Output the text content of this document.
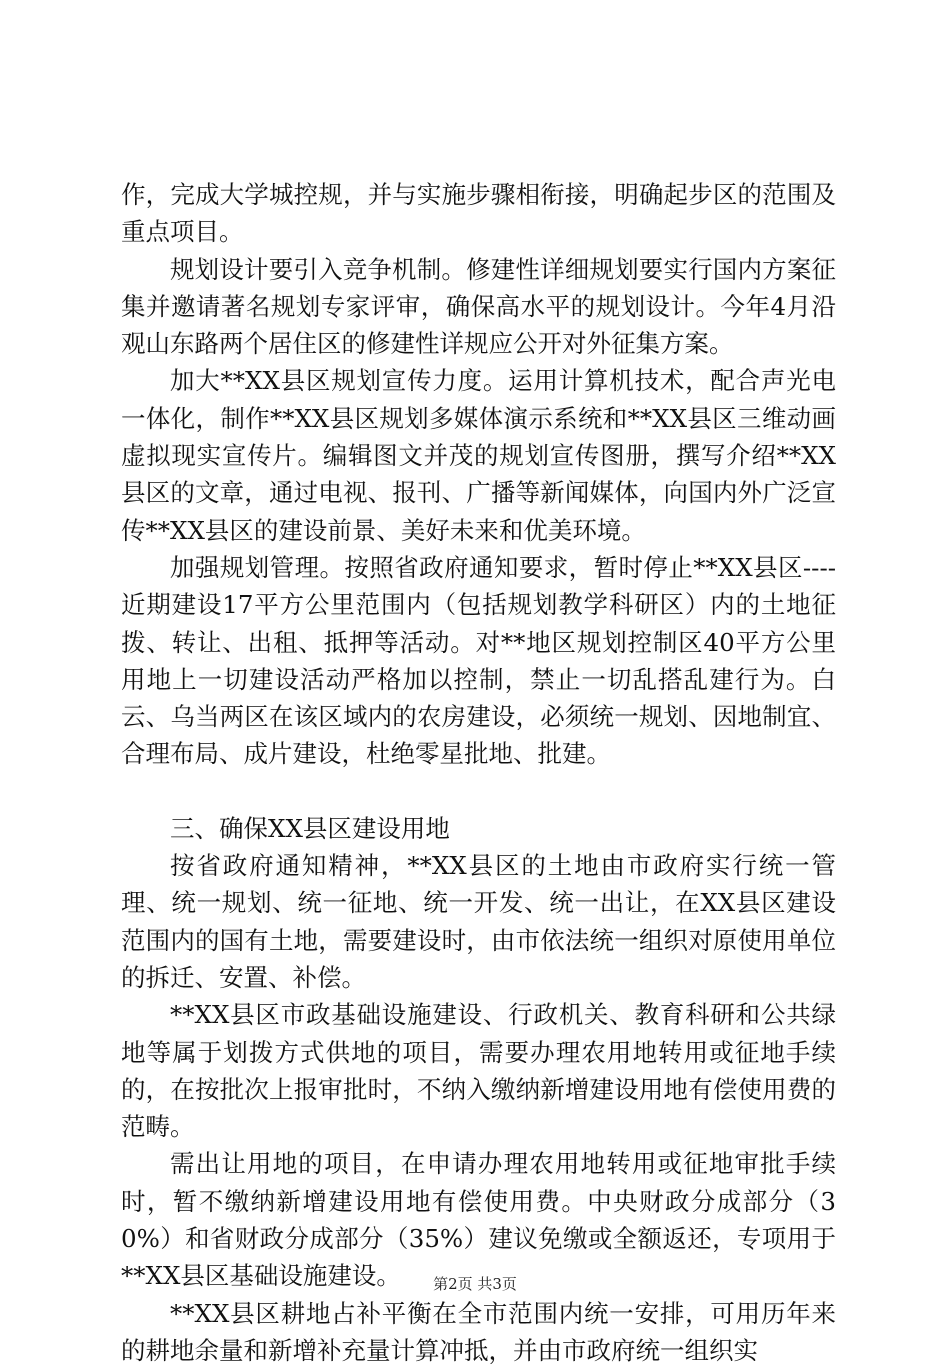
作，完成大学城控规，并与实施步骤相衔接，明确起步区的范围及重点项目。

规划设计要引入竞争机制。修建性详细规划要实行国内方案征集并邀请著名规划专家评审，确保高水平的规划设计。今年4月沿观山东路两个居住区的修建性详规应公开对外征集方案。

加大**XX县区规划宣传力度。运用计算机技术，配合声光电一体化，制作**XX县区规划多媒体演示系统和**XX县区三维动画虚拟现实宣传片。编辑图文并茂的规划宣传图册，撰写介绍**XX县区的文章，通过电视、报刊、广播等新闻媒体，向国内外广泛宣传**XX县区的建设前景、美好未来和优美环境。

加强规划管理。按照省政府通知要求，暂时停止**XX县区----近期建设17平方公里范围内（包括规划教学科研区）内的土地征拨、转让、出租、抵押等活动。对**地区规划控制区40平方公里用地上一切建设活动严格加以控制，禁止一切乱搭乱建行为。白云、乌当两区在该区域内的农房建设，必须统一规划、因地制宜、合理布局、成片建设，杜绝零星批地、批建。

三、确保XX县区建设用地

按省政府通知精神，**XX县区的土地由市政府实行统一管理、统一规划、统一征地、统一开发、统一出让，在XX县区建设范围内的国有土地，需要建设时，由市依法统一组织对原使用单位的拆迁、安置、补偿。

**XX县区市政基础设施建设、行政机关、教育科研和公共绿地等属于划拨方式供地的项目，需要办理农用地转用或征地手续的，在按批次上报审批时，不纳入缴纳新增建设用地有偿使用费的范畴。

需出让用地的项目，在申请办理农用地转用或征地审批手续时，暂不缴纳新增建设用地有偿使用费。中央财政分成部分（30%）和省财政分成部分（35%）建议免缴或全额返还，专项用于**XX县区基础设施建设。

**XX县区耕地占补平衡在全市范围内统一安排，可用历年来的耕地余量和新增补充量计算冲抵，并由市政府统一组织实

第2页 共3页
